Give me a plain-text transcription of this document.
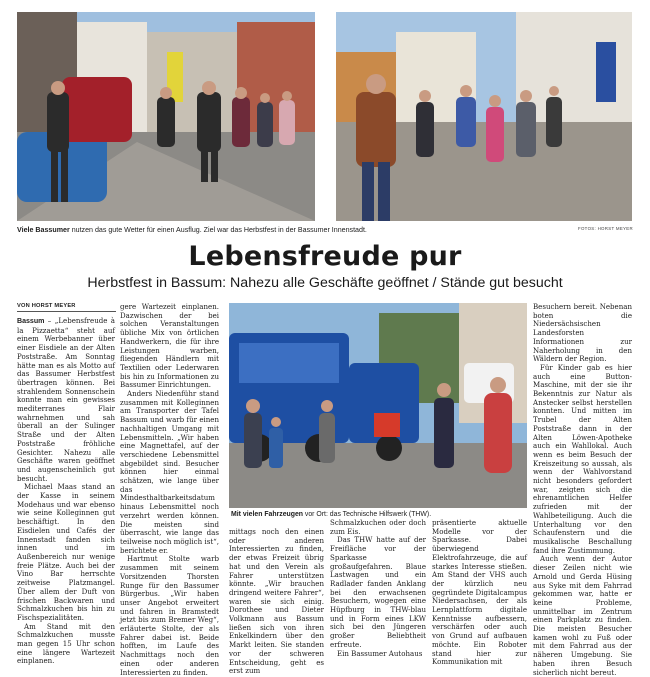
Viele Bassumer nutzen das gute Wetter für einen Ausflug. Ziel war das Herbstfest in der Bassumer Innenstadt.	FOTOS: HORST MEYER
Lebensfreude pur
Herbstfest in Bassum: Nahezu alle Geschäfte geöffnet / Stände gut besucht
VON HORST MEYER

Bassum – „Lebensfreude à la Pizzaetta“ steht auf einem Werbebanner über einer Eisdiele an der Alten Poststraße. Am Sonntag hätte man es als Motto auf das Bassumer Herbstfest übertragen können. Bei strahlendem Sonnenschein konnte man ein gewisses mediterranes Flair wahrnehmen und sah überall an der Sulinger Straße und der Alten Poststraße fröhliche Gesichter. Nahezu alle Geschäfte waren geöffnet und augenscheinlich gut besucht.

Michael Maas stand an der Kasse in seinem Modehaus und war ebenso wie seine Kolleginnen gut beschäftigt. In den Eisdielen und Cafés der Innenstadt fanden sich innen und im Außenbereich nur wenige freie Plätze. Auch bei der Vino Bar herrschte zeitweise Platzmangel. Über allem der Duft von frischen Backwaren und Schmalzkuchen bis hin zu Fischspezialitäten.

Am Stand mit den Schmalzkuchen musste man gegen 15 Uhr schon eine längere Wartezeit einplanen.

gere Wartezeit einplanen. Dazwischen der bei solchen Veranstaltungen übliche Mix von örtlichen Handwerkern, die für ihre Leistungen warben, fliegenden Händlern mit Textilien oder Lederwaren bis hin zu Informationen zu Bassumer Einrichtungen.

Anders Niedenführ stand zusammen mit Kolleginnen am Transporter der Tafel Bassum und warb für einen nachhaltigen Umgang mit Lebensmitteln. „Wir haben eine Magnettafel, auf der verschiedene Lebensmittel abgebildet sind. Besucher können hier einmal schätzen, wie lange über das Mindesthaltbarkeitsdatum hinaus Lebensmittel noch verzehrt werden können. Die meisten sind überrascht, wie lange das teilweise noch möglich ist“, berichtete er.

Hartmut Stolte warb zusammen mit seinem Vorsitzenden Thorsten Runge für den Bassumer Bürgerbus. „Wir haben unser Angebot erweitert und fahren in Bramstedt jetzt bis zum Bremer Weg“, erläuterte Stolte, der als Fahrer dabei ist. Beide hofften, im Laufe des Nachmittags noch den einen oder anderen Interessierten zu finden.

Mit vielen Fahrzeugen vor Ort: das Technische Hilfswerk (THW).

mittags noch den einen oder anderen Interessierten zu finden, der etwas Freizeit übrig hat und den Verein als Fahrer unterstützen könnte. „Wir brauchen dringend weitere Fahrer“, waren sie sich einig. Dorothee und Dieter Volkmann aus Bassum ließen sich von ihren Enkelkindern über den Markt leiten. Sie standen vor der schweren Entscheidung, geht es erst zum

Schmalzkuchen oder doch zum Eis.

Das THW hatte auf der Freifläche vor der Sparkasse großaufgefahren. Blaue Lastwagen und ein Radlader fanden Anklang bei den erwachsenen Besuchern, wogegen eine Hüpfburg in THW-blau und in Form eines LKW sich bei den Jüngeren großer Beliebtheit erfreute.

Ein Bassumer Autohaus

präsentierte aktuelle Modelle vor der Sparkasse. Dabei überwiegend Elektrofahrzeuge, die auf starkes Interesse stießen. Am Stand der VHS auch der kürzlich neu gegründete Digitalcampus Niedersachsen, der als Lernplattform digitale Kenntnisse aufbessern, verschärfen oder auch von Grund auf aufbauen möchte. Ein Roboter stand hier zur Kommunikation mit

Besuchern bereit. Nebenan boten die Niedersächsischen Landesforsten Informationen zur Naherholung in den Wäldern der Region.

Für Kinder gab es hier auch eine Button-Maschine, mit der sie ihr Bekenntnis zur Natur als Anstecker selbst herstellen konnten. Und mitten im Trubel der Alten Poststraße dann in der Alten Löwen-Apotheke auch ein Wahllokal. Auch wenn es beim Besuch der Kreiszeitung so aussah, als wenn der Wahlvorstand nicht besonders gefordert war, zeigten sich die ehrenamtlichen Helfer zufrieden mit der Wahlbeteiligung. Auch die Unterhaltung vor den Schaufenstern und die musikalische Beschallung fand ihre Zustimmung.

Auch wenn der Autor dieser Zeilen nicht wie Arnold und Gerda Hüsing aus Syke mit dem Fahrrad gekommen war, hatte er keine Probleme, unmittelbar im Zentrum einen Parkplatz zu finden. Die meisten Besucher kamen wohl zu Fuß oder mit dem Fahrrad aus der näheren Umgebung. Sie haben ihren Besuch sicherlich nicht bereut.
